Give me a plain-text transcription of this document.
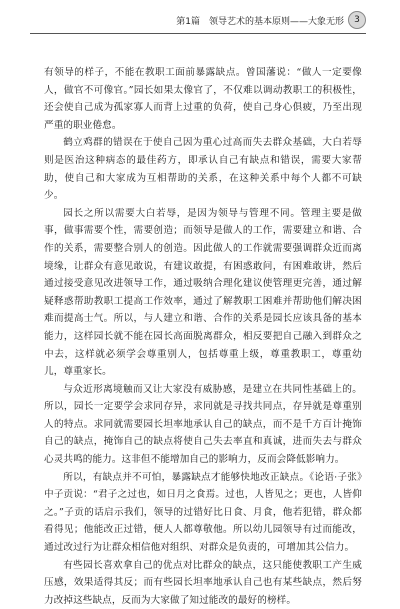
第1篇　领导艺术的基本原则——大象无形	3

有领导的样子，不能在教职工面前暴露缺点。曾国藩说：“做人一定要像人，做官不可像官。”园长如果太像官了，不仅难以调动教职工的积极性，还会使自己成为孤家寡人而背上过重的负荷，使自己身心俱疲，乃至出现严重的职业倦怠。

鹤立鸡群的错误在于使自己因为重心过高而失去群众基础，大白若辱则是医治这种病态的最佳药方，即承认自己有缺点和错误，需要大家帮助，使自己和大家成为互相帮助的关系，在这种关系中每个人都不可缺少。

园长之所以需要大白若辱，是因为领导与管理不同。管理主要是做事，做事需要个性，需要创造；而领导是做人的工作，需要建立和谐、合作的关系，需要整合别人的创造。因此做人的工作就需要强调群众近而离境缘，让群众有意见敢说，有建议敢提，有困惑敢问，有困难敢讲，然后通过接受意见改进领导工作，通过吸纳合理化建议使管理更完善，通过解疑释惑帮助教职工提高工作效率，通过了解教职工困难并帮助他们解决困难而提高士气。所以，与人建立和谐、合作的关系是园长应该具备的基本能力，这样园长就不能在园长高面脱离群众，相反要把自己融入到群众之中去，这样就必须学会尊重别人，包括尊重上级，尊重教职工，尊重幼儿，尊重家长。

与众近形离境触而又让大家没有威胁感，是建立在共同性基础上的。所以，园长一定要学会求同存异，求同就是寻找共同点，存异就是尊重别人的特点。求同就需要园长坦率地承认自己的缺点，而不是千方百计掩饰自己的缺点，掩饰自己的缺点将使自己失去率直和真诚，进而失去与群众心灵共鸣的能力。这非但不能增加自己的影响力，反而会降低影响力。

所以，有缺点并不可怕，暴露缺点才能够快地改正缺点。《论语·子张》中子贡说：“君子之过也，如日月之食焉。过也，人皆见之；更也，人皆仰之。”子贡的话启示我们，领导的过错好比日食、月食，他若犯错，群众都看得见；他能改正过错，便人人都尊敬他。所以幼儿园领导有过而能改，通过改过行为让群众相信他对组织、对群众是负责的，可增加其公信力。

有些园长喜欢拿自己的优点对比群众的缺点，这只能使教职工产生威压感，效果适得其反；而有些园长坦率地承认自己也有某些缺点，然后努力改掉这些缺点，反而为大家做了知过能改的最好的榜样。
